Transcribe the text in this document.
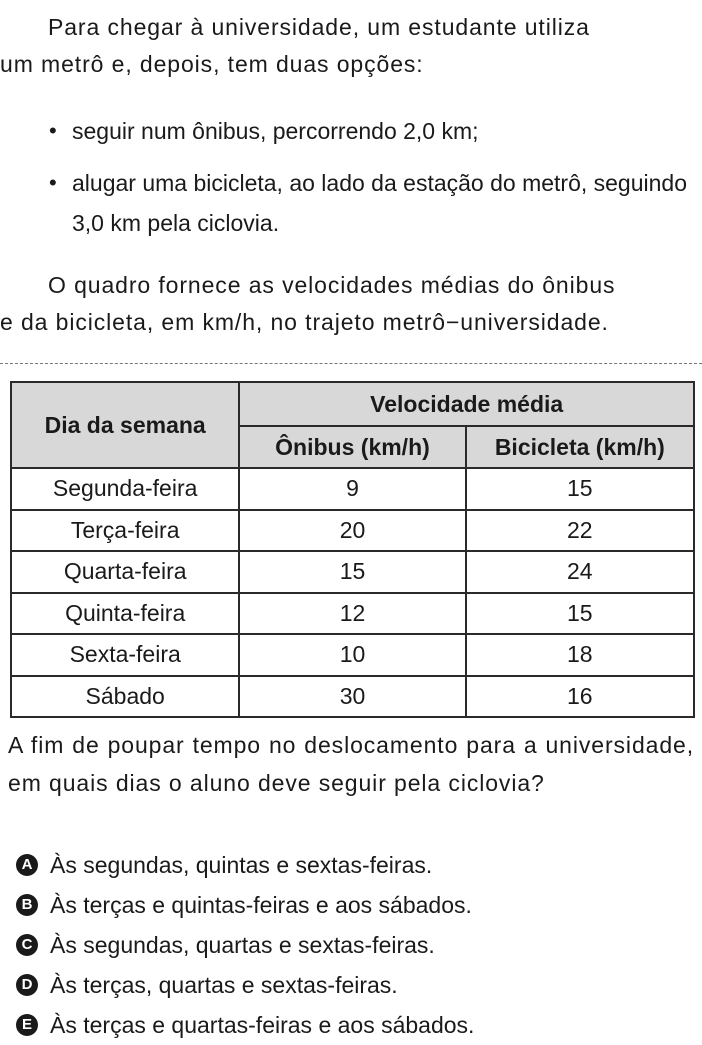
Para chegar à universidade, um estudante utiliza
um metrô e, depois, tem duas opções:
• seguir num ônibus, percorrendo 2,0 km;
• alugar uma bicicleta, ao lado da estação do metrô, seguindo 3,0 km pela ciclovia.
O quadro fornece as velocidades médias do ônibus
e da bicicleta, em km/h, no trajeto metrô−universidade.
Dia da semana	Velocidade média	
	Ônibus (km/h)	Bicicleta (km/h)
Segunda-feira	9	15
Terça-feira	20	22
Quarta-feira	15	24
Quinta-feira	12	15
Sexta-feira	10	18
Sábado	30	16
A fim de poupar tempo no deslocamento para a universidade, em quais dias o aluno deve seguir pela ciclovia?
A Às segundas, quintas e sextas-feiras.
B Às terças e quintas-feiras e aos sábados.
C Às segundas, quartas e sextas-feiras.
D Às terças, quartas e sextas-feiras.
E Às terças e quartas-feiras e aos sábados.
